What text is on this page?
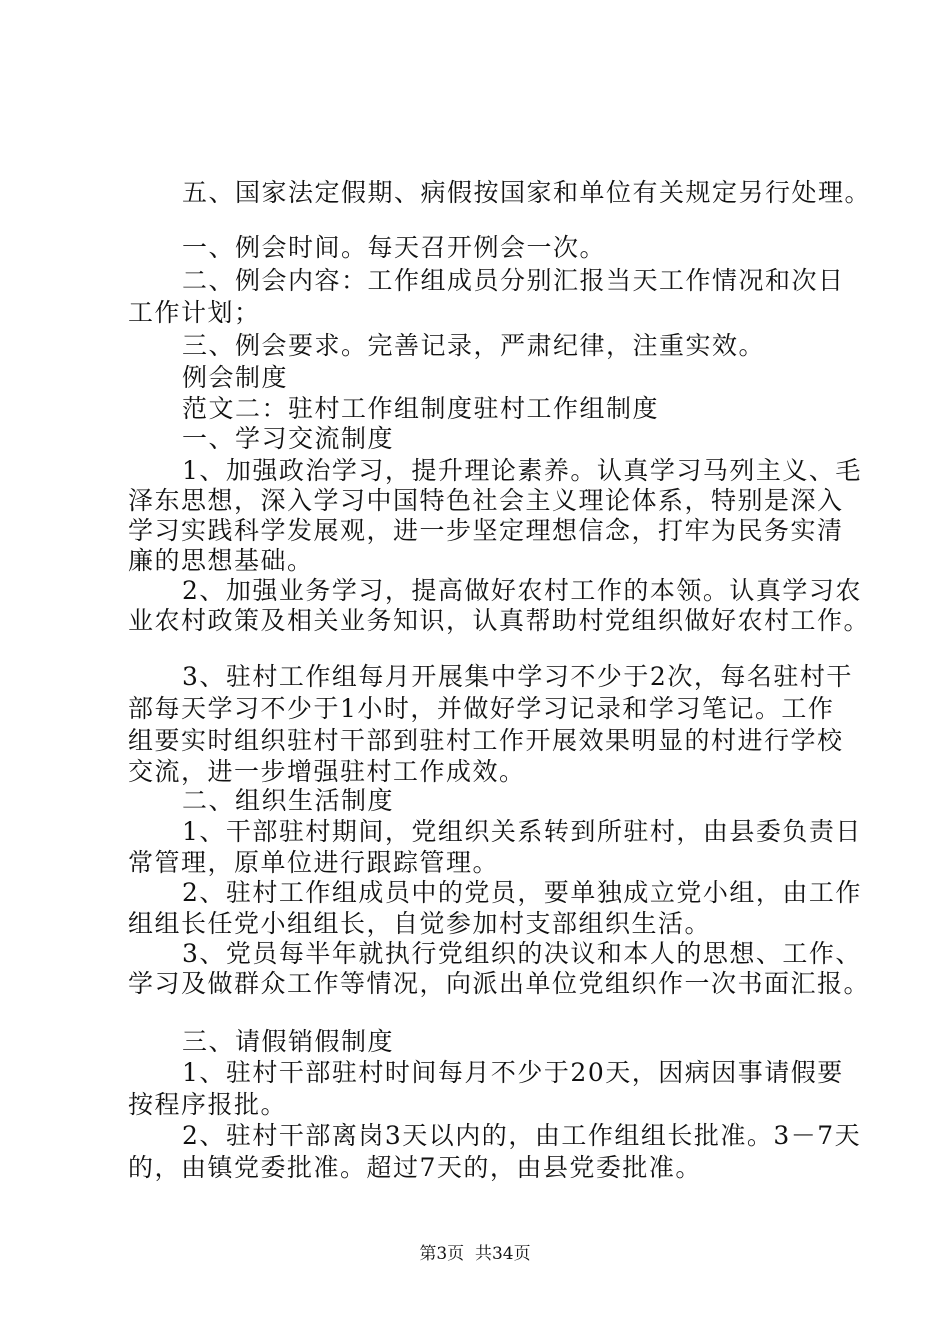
五、国家法定假期、病假按国家和单位有关规定另行处理。
一、例会时间。每天召开例会一次。
二、例会内容：工作组成员分别汇报当天工作情况和次日
工作计划；
三、例会要求。完善记录，严肃纪律，注重实效。
例会制度
范文二：驻村工作组制度驻村工作组制度
一、学习交流制度
1、加强政治学习，提升理论素养。认真学习马列主义、毛
泽东思想，深入学习中国特色社会主义理论体系，特别是深入
学习实践科学发展观，进一步坚定理想信念，打牢为民务实清
廉的思想基础。
2、加强业务学习，提高做好农村工作的本领。认真学习农
业农村政策及相关业务知识，认真帮助村党组织做好农村工作。
3、驻村工作组每月开展集中学习不少于2次，每名驻村干
部每天学习不少于1小时，并做好学习记录和学习笔记。工作
组要实时组织驻村干部到驻村工作开展效果明显的村进行学校
交流，进一步增强驻村工作成效。
二、组织生活制度
1、干部驻村期间，党组织关系转到所驻村，由县委负责日
常管理，原单位进行跟踪管理。
2、驻村工作组成员中的党员，要单独成立党小组，由工作
组组长任党小组组长，自觉参加村支部组织生活。
3、党员每半年就执行党组织的决议和本人的思想、工作、
学习及做群众工作等情况，向派出单位党组织作一次书面汇报。
三、请假销假制度
1、驻村干部驻村时间每月不少于20天，因病因事请假要
按程序报批。
2、驻村干部离岗3天以内的，由工作组组长批准。3－7天
的，由镇党委批准。超过7天的，由县党委批准。
第3页  共34页
